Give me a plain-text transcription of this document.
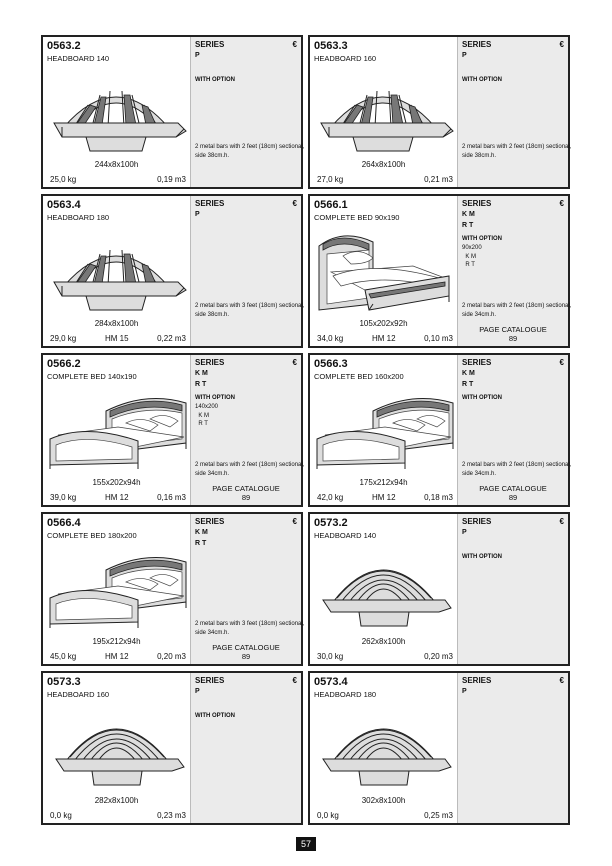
0563.2
HEADBOARD 140
244x8x100h
25,0 kg	0,19 m3
SERIES	€
P
WITH OPTION
2 metal bars with 2 feet (18cm) sectional, side 38cm.h.
0563.3
HEADBOARD 160
264x8x100h
27,0 kg	0,21 m3
SERIES	€
P
WITH OPTION
2 metal bars with 2 feet (18cm) sectional, side 38cm.h.
0563.4
HEADBOARD 180
284x8x100h
29,0 kg	HM 15	0,22 m3
SERIES	€
P
2 metal bars with 3 feet (18cm) sectional, side 38cm.h.
0566.1
COMPLETE BED 90x190
105x202x92h
34,0 kg	HM 12	0,10 m3
SERIES	€
K M
R T
WITH OPTION
90x200
K M
R T
2 metal bars with 2 feet (18cm) sectional, side 34cm.h.
PAGE CATALOGUE
89
0566.2
COMPLETE BED 140x190
155x202x94h
39,0 kg	HM 12	0,16 m3
SERIES	€
K M
R T
WITH OPTION
140x200
K M
R T
2 metal bars with 2 feet (18cm) sectional, side 34cm.h.
PAGE CATALOGUE
89
0566.3
COMPLETE BED 160x200
175x212x94h
42,0 kg	HM 12	0,18 m3
SERIES	€
K M
R T
WITH OPTION
2 metal bars with 2 feet (18cm) sectional, side 34cm.h.
PAGE CATALOGUE
89
0566.4
COMPLETE BED 180x200
195x212x94h
45,0 kg	HM 12	0,20 m3
SERIES	€
K M
R T
2 metal bars with 3 feet (18cm) sectional, side 34cm.h.
PAGE CATALOGUE
89
0573.2
HEADBOARD 140
262x8x100h
30,0 kg	0,20 m3
SERIES	€
P
WITH OPTION
0573.3
HEADBOARD 160
282x8x100h
0,0 kg	0,23 m3
SERIES	€
P
WITH OPTION
0573.4
HEADBOARD 180
302x8x100h
0,0 kg	0,25 m3
SERIES	€
P
57
